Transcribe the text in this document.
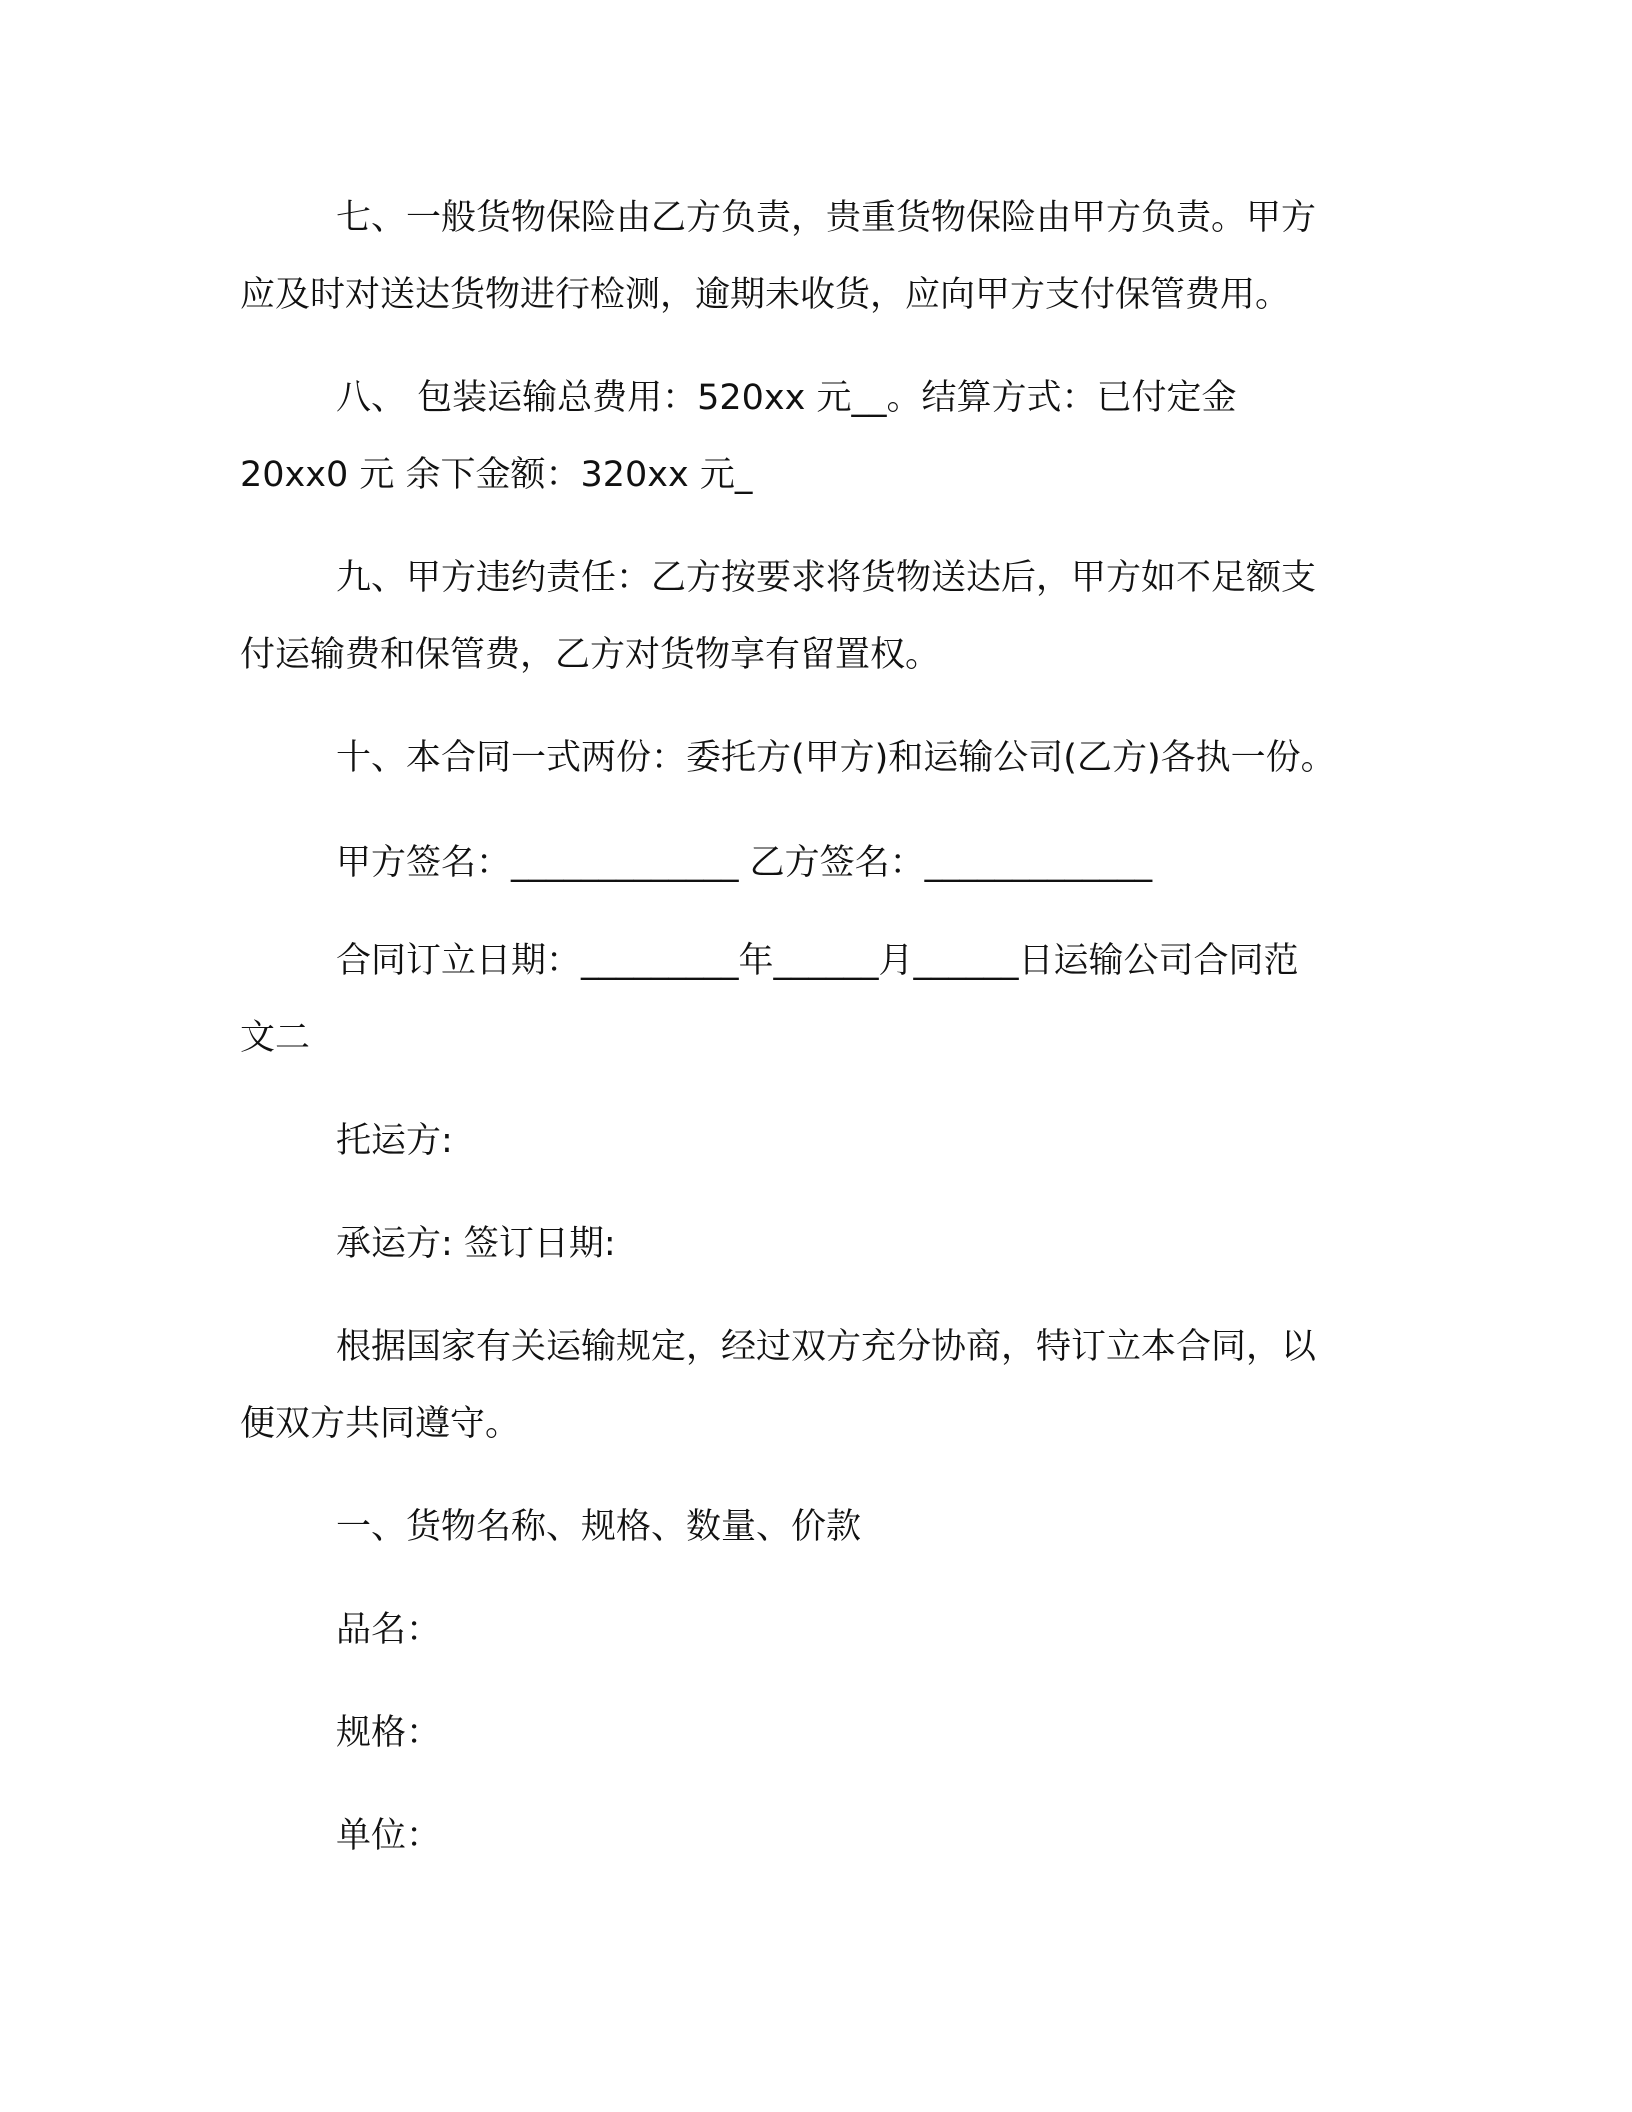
七、一般货物保险由乙方负责，贵重货物保险由甲方负责。甲方

应及时对送达货物进行检测，逾期未收货，应向甲方支付保管费用。

八、 包装运输总费用：520xx 元__。结算方式：已付定金

20xx0 元 余下金额：320xx 元_

九、甲方违约责任：乙方按要求将货物送达后，甲方如不足额支

付运输费和保管费，乙方对货物享有留置权。

十、本合同一式两份：委托方(甲方)和运输公司(乙方)各执一份。

甲方签名：_____________ 乙方签名：_____________

合同订立日期：_________年______月______日运输公司合同范

文二

托运方:

承运方: 签订日期:

根据国家有关运输规定，经过双方充分协商，特订立本合同，以

便双方共同遵守。

一、货物名称、规格、数量、价款

品名：

规格：

单位：
